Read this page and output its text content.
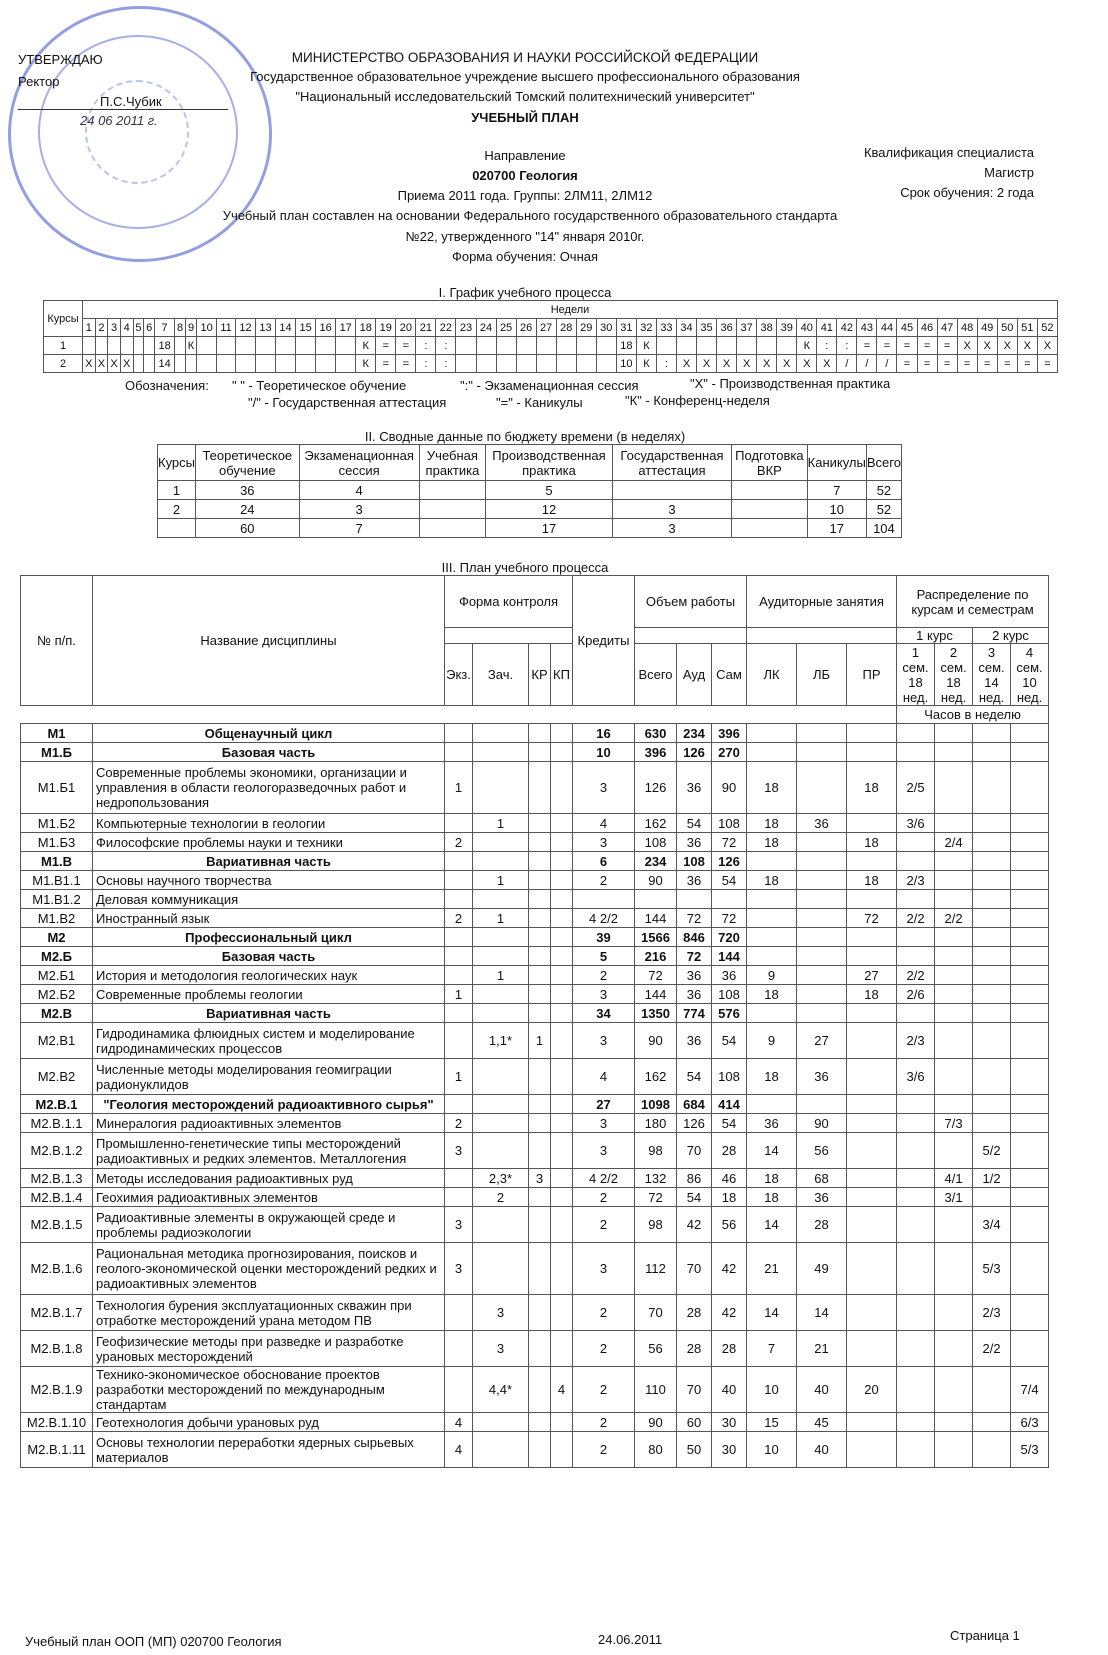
УТВЕРЖДАЮ
Ректор
П.С.Чубик
24 06 2011 г.
МИНИСТЕРСТВО ОБРАЗОВАНИЯ И НАУКИ РОССИЙСКОЙ ФЕДЕРАЦИИ
Государственное образовательное учреждение высшего профессионального образования
"Национальный исследовательский Томский политехнический университет"
УЧЕБНЫЙ ПЛАН
Направление
020700 Геология
Приема 2011 года. Группы: 2ЛМ11, 2ЛМ12
Учебный план составлен на основании Федерального государственного образовательного стандарта
№22, утвержденного "14" января 2010г.
Форма обучения: Очная
Квалификация специалиста
Магистр
Срок обучения: 2 года
I. График учебного процесса
Курсы	Недели																																																			
	1	2	3	4	5	6	7	8	9	10	11	12	13	14	15	16	17	18	19	20	21	22	23	24	25	26	27	28	29	30	31	32	33	34	35	36	37	38	39	40	41	42	43	44	45	46	47	48	49	50	51	52
1							18		К									К	=	=	:	:									18	К								К	:	:	=	=	=	=	=	Х	Х	Х	Х	Х
2	Х	Х	Х	Х			14											К	=	=	:	:									10	К	:	Х	Х	Х	Х	Х	Х	Х	Х	/	/	/	=	=	=	=	=	=	=	=
Обозначения: " " - Теоретическое обучение	":" - Экзаменационная сессия	"Х" - Производственная практика
"/" - Государственная аттестация	"=" - Каникулы	"К" - Конференц-неделя
II. Сводные данные по бюджету времени (в неделях)
Курсы	Теоретическое обучение	Экзаменационная сессия	Учебная практика	Производственная практика	Государственная аттестация	Подготовка ВКР	Каникулы	Всего
1	36	4		5			7	52
2	24	3		12	3		10	52
	60	7		17	3		17	104
III. План учебного процесса
№ п/п.	Название дисциплины	Форма контроля				Кредиты	Объем работы			Аудиторные занятия			Распределение по курсам и семестрам			
													1 курс		2 курс	
		Экз.	Зач.	КР	КП		Всего	Ауд	Сам	ЛК	ЛБ	ПР	1 сем. 18 нед.	2 сем. 18 нед.	3 сем. 14 нед.	4 сем. 10 нед.
													Часов в неделю			
М1	Общенаучный цикл					16	630	234	396							
М1.Б	Базовая часть					10	396	126	270							
М1.Б1	Современные проблемы экономики, организации и управления в области геологоразведочных работ и недропользования	1				3	126	36	90	18		18	2/5			
М1.Б2	Компьютерные технологии в геологии		1			4	162	54	108	18	36		3/6			
М1.Б3	Философские проблемы науки и техники	2				3	108	36	72	18		18		2/4		
М1.В	Вариативная часть					6	234	108	126							
М1.В1.1	Основы научного творчества		1			2	90	36	54	18		18	2/3			
М1.В1.2	Деловая коммуникация															
М1.В2	Иностранный язык	2	1			4 2/2	144	72	72			72	2/2	2/2		
М2	Профессиональный цикл					39	1566	846	720							
М2.Б	Базовая часть					5	216	72	144							
М2.Б1	История и методология геологических наук		1			2	72	36	36	9		27	2/2			
М2.Б2	Современные проблемы геологии	1				3	144	36	108	18		18	2/6			
М2.В	Вариативная часть					34	1350	774	576							
М2.В1	Гидродинамика флюидных систем и моделирование гидродинамических процессов		1,1*	1		3	90	36	54	9	27		2/3			
М2.В2	Численные методы моделирования геомиграции радионуклидов	1				4	162	54	108	18	36		3/6			
М2.В.1	"Геология месторождений радиоактивного сырья"					27	1098	684	414							
М2.В.1.1	Минералогия радиоактивных элементов	2				3	180	126	54	36	90			7/3		
М2.В.1.2	Промышленно-генетические типы месторождений радиоактивных и редких элементов. Металлогения	3				3	98	70	28	14	56				5/2	
М2.В.1.3	Методы исследования радиоактивных руд		2,3*	3		4 2/2	132	86	46	18	68			4/1	1/2	
М2.В.1.4	Геохимия радиоактивных элементов		2			2	72	54	18	18	36			3/1		
М2.В.1.5	Радиоактивные элементы в окружающей среде и проблемы радиоэкологии	3				2	98	42	56	14	28				3/4	
М2.В.1.6	Рациональная методика прогнозирования, поисков и геолого-экономической оценки месторождений редких и радиоактивных элементов	3				3	112	70	42	21	49				5/3	
М2.В.1.7	Технология бурения эксплуатационных скважин при отработке месторождений урана методом ПВ		3			2	70	28	42	14	14				2/3	
М2.В.1.8	Геофизические методы при разведке и разработке урановых месторождений		3			2	56	28	28	7	21				2/2	
М2.В.1.9	Технико-экономическое обоснование проектов разработки месторождений по международным стандартам		4,4*		4	2	110	70	40	10	40	20				7/4
М2.В.1.10	Геотехнология добычи урановых руд	4				2	90	60	30	15	45					6/3
М2.В.1.11	Основы технологии переработки ядерных сырьевых материалов	4				2	80	50	30	10	40					5/3
Учебный план ООП (МП) 020700 Геология	24.06.2011	Страница 1
